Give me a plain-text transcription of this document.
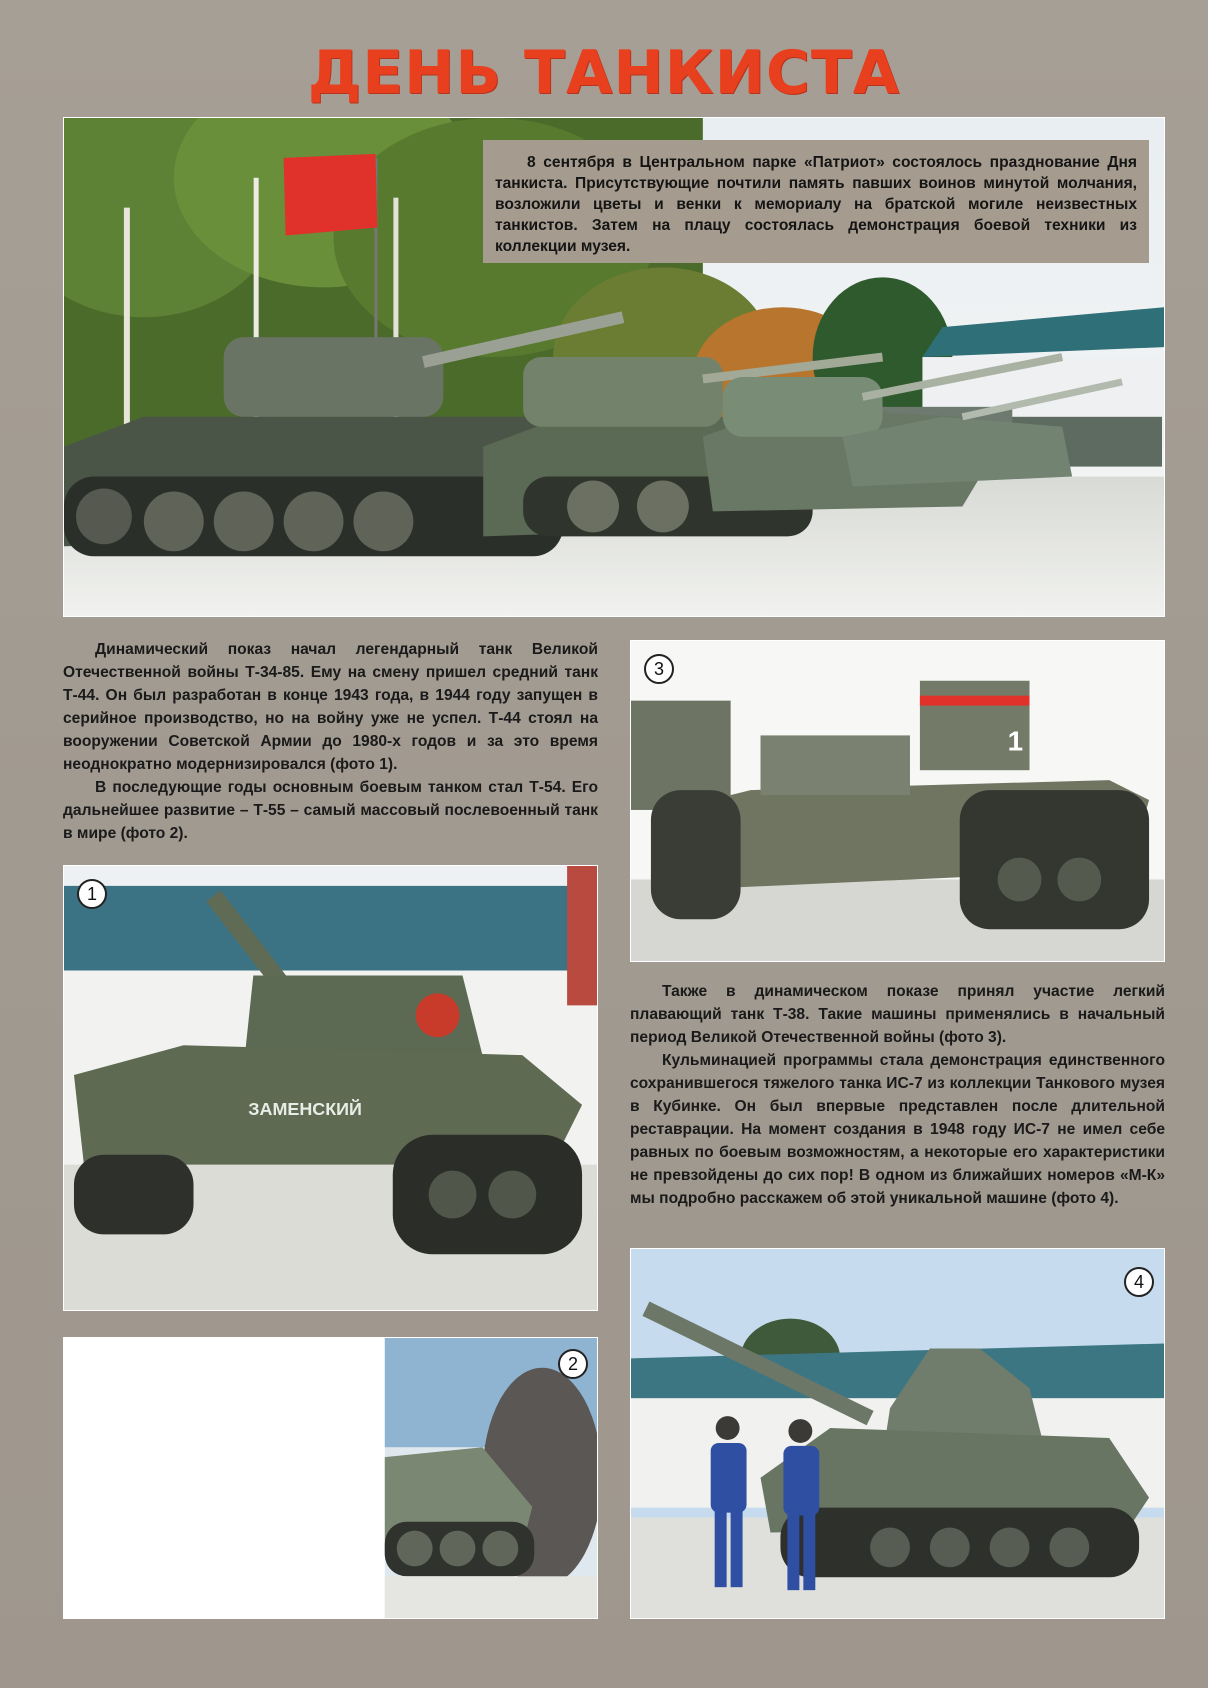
ДЕНЬ ТАНКИСТА
8 сентября в Центральном парке «Патриот» состоялось празднование Дня танкиста. Присутствующие почтили память павших воинов минутой молчания, возложили цветы и венки к мемориалу на братской могиле неизвестных танкистов. Затем на плацу состоялась демонстрация боевой техники из коллекции музея.

Динамический показ начал легендарный танк Великой Отечественной войны Т-34-85. Ему на смену пришел средний танк Т-44. Он был разработан в конце 1943 года, в 1944 году запущен в серийное производство, но на войну уже не успел. Т-44 стоял на вооружении Советской Армии до 1980-х годов и за это время неоднократно модернизировался (фото 1).

В последующие годы основным боевым танком стал Т-54. Его дальнейшее развитие – Т-55 – самый массовый послевоенный танк в мире (фото 2).

1
3
ЗАМЕНСКИЙ
1

Также в динамическом показе принял участие легкий плавающий танк Т-38. Такие машины применялись в начальный период Великой Отечественной войны (фото 3).

Кульминацией программы стала демонстрация единственного сохранившегося тяжелого танка ИС-7 из коллекции Танкового музея в Кубинке. Он был впервые представлен после длительной реставрации. На момент создания в 1948 году ИС-7 не имел себе равных по боевым возможностям, а некоторые его характеристики не превзойдены до сих пор! В одном из ближайших номеров «М-К» мы подробно расскажем об этой уникальной машине (фото 4).

2
4
